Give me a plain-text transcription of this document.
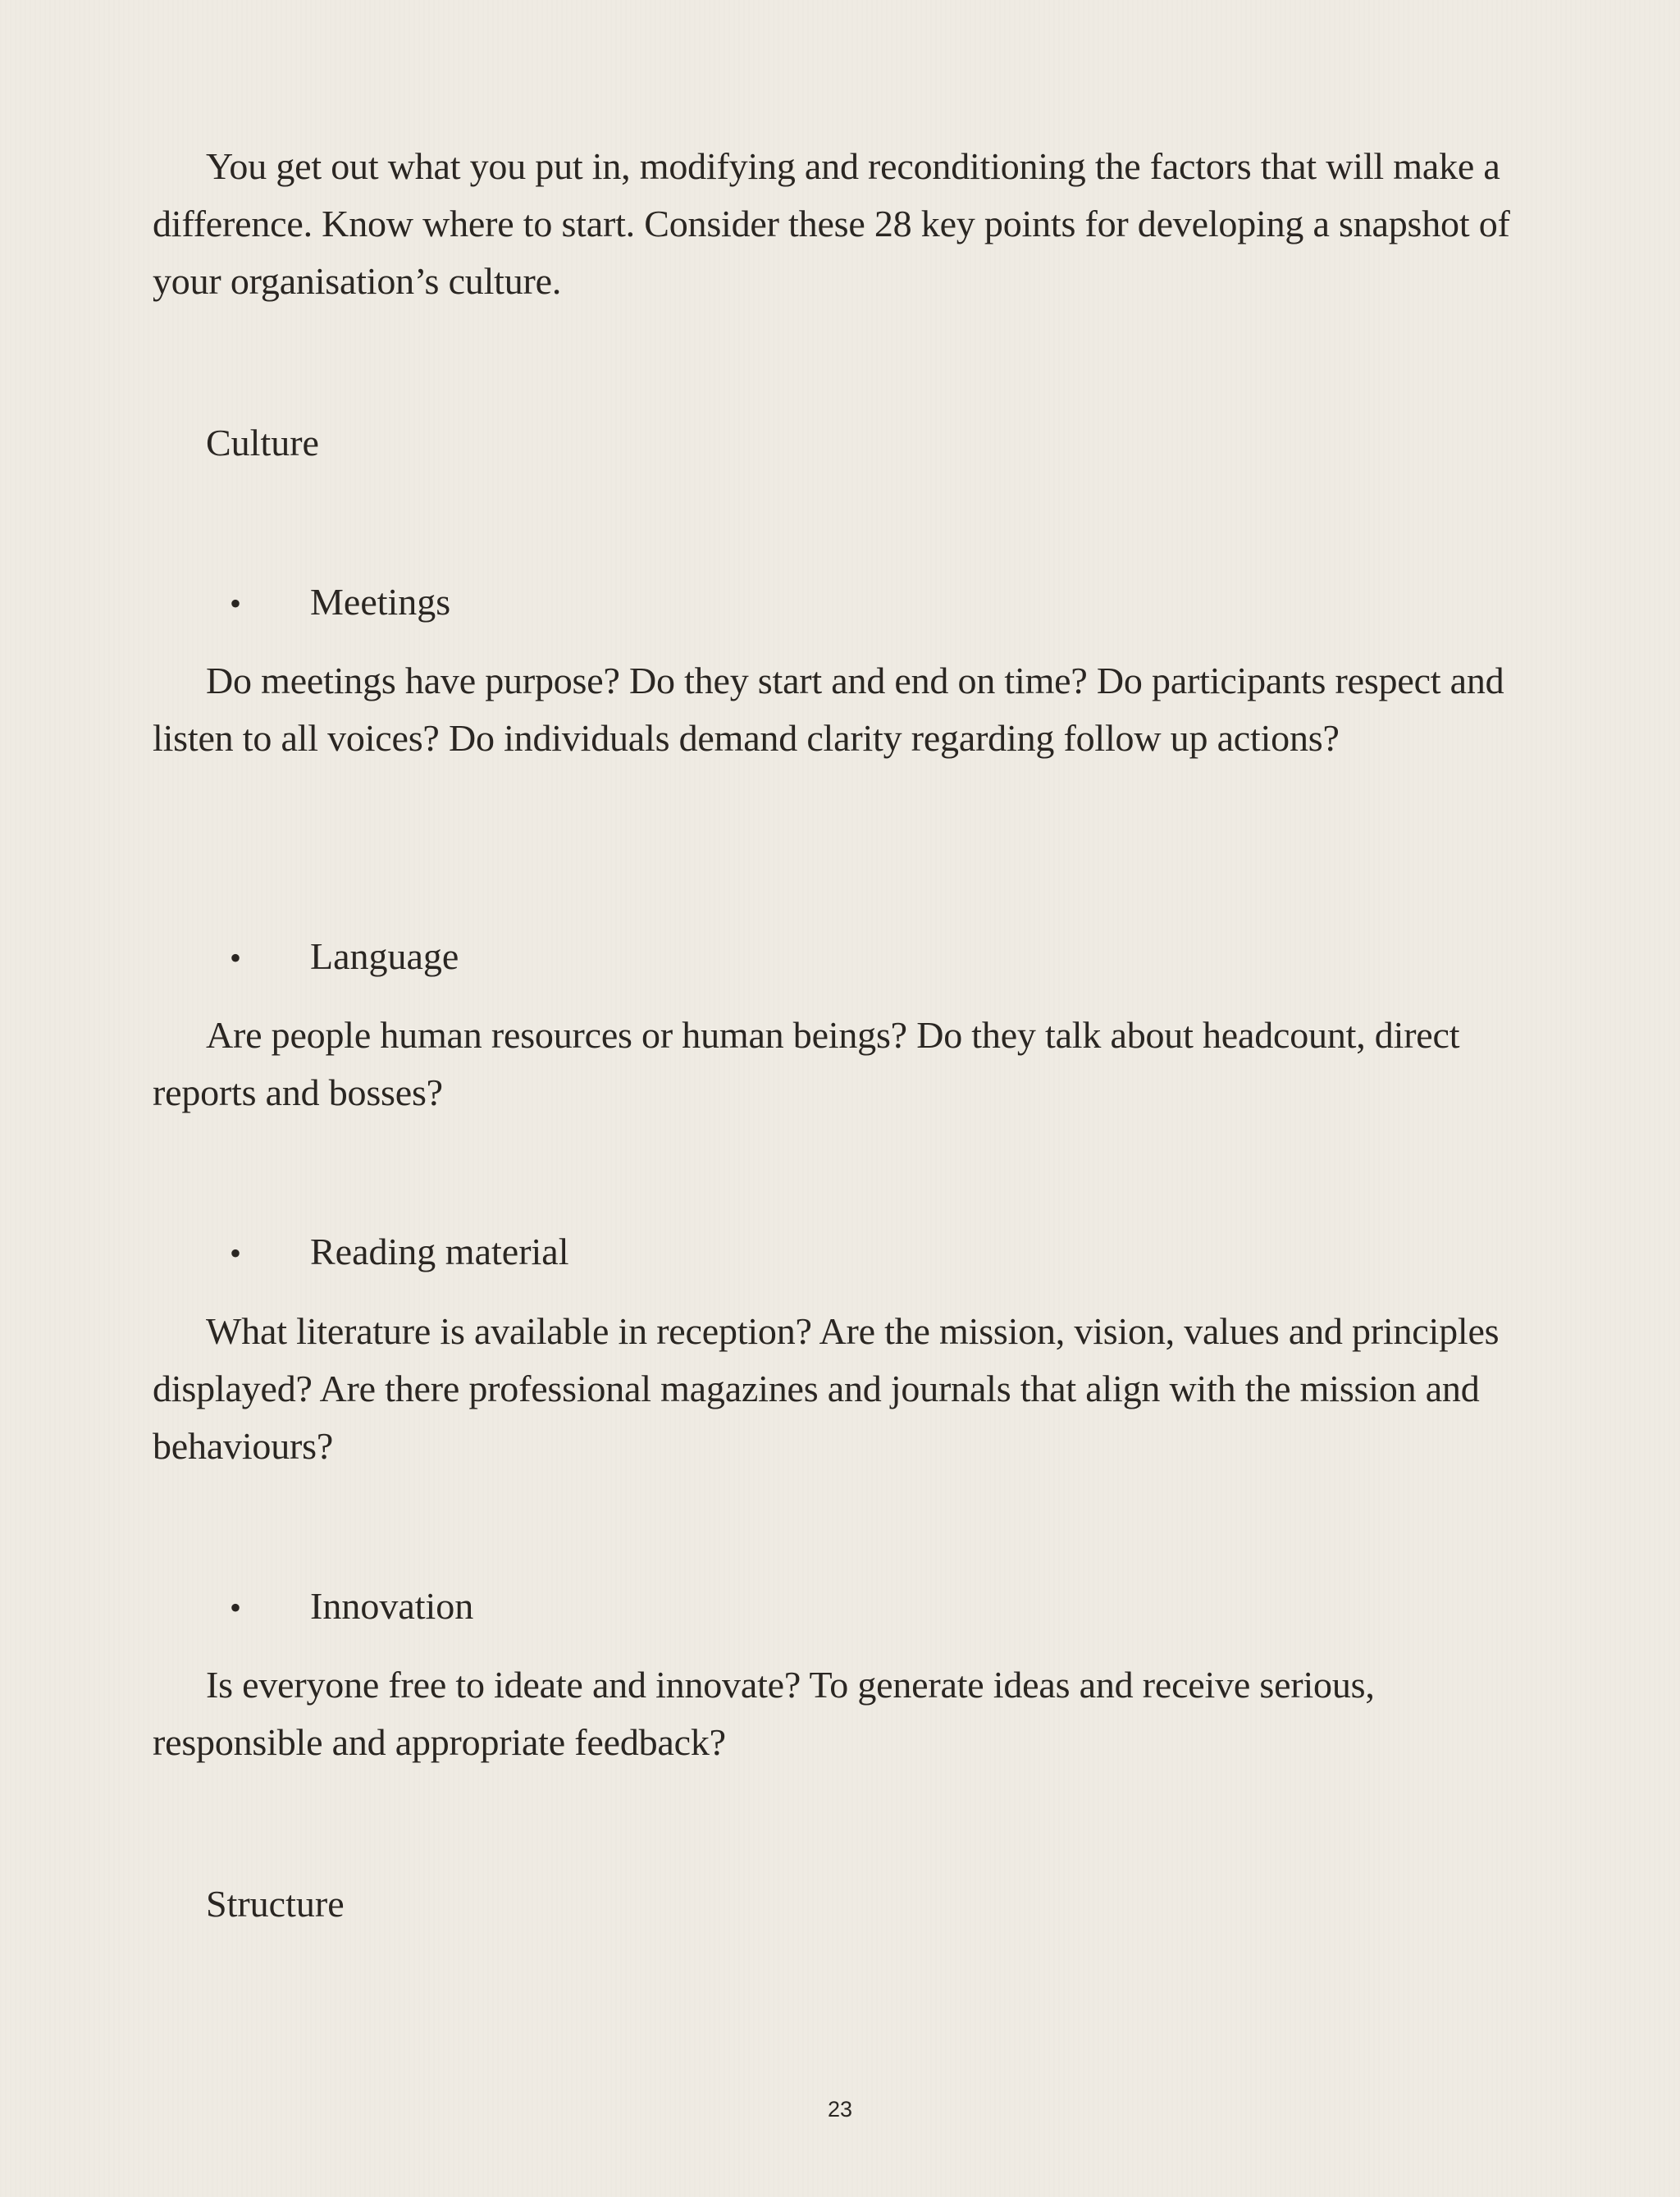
You get out what you put in, modifying and reconditioning the factors that will make a difference. Know where to start. Consider these 28 key points for developing a snapshot of your organisation’s culture.

Culture

•	Meetings

Do meetings have purpose? Do they start and end on time? Do participants respect and listen to all voices? Do individuals demand clarity regarding follow up actions?

•	Language

Are people human resources or human beings? Do they talk about headcount, direct reports and bosses?

•	Reading material

What literature is available in reception? Are the mission, vision, values and principles displayed? Are there professional magazines and journals that align with the mission and behaviours?

•	Innovation

Is everyone free to ideate and innovate? To generate ideas and receive serious, responsible and appropriate feedback?

Structure

23
